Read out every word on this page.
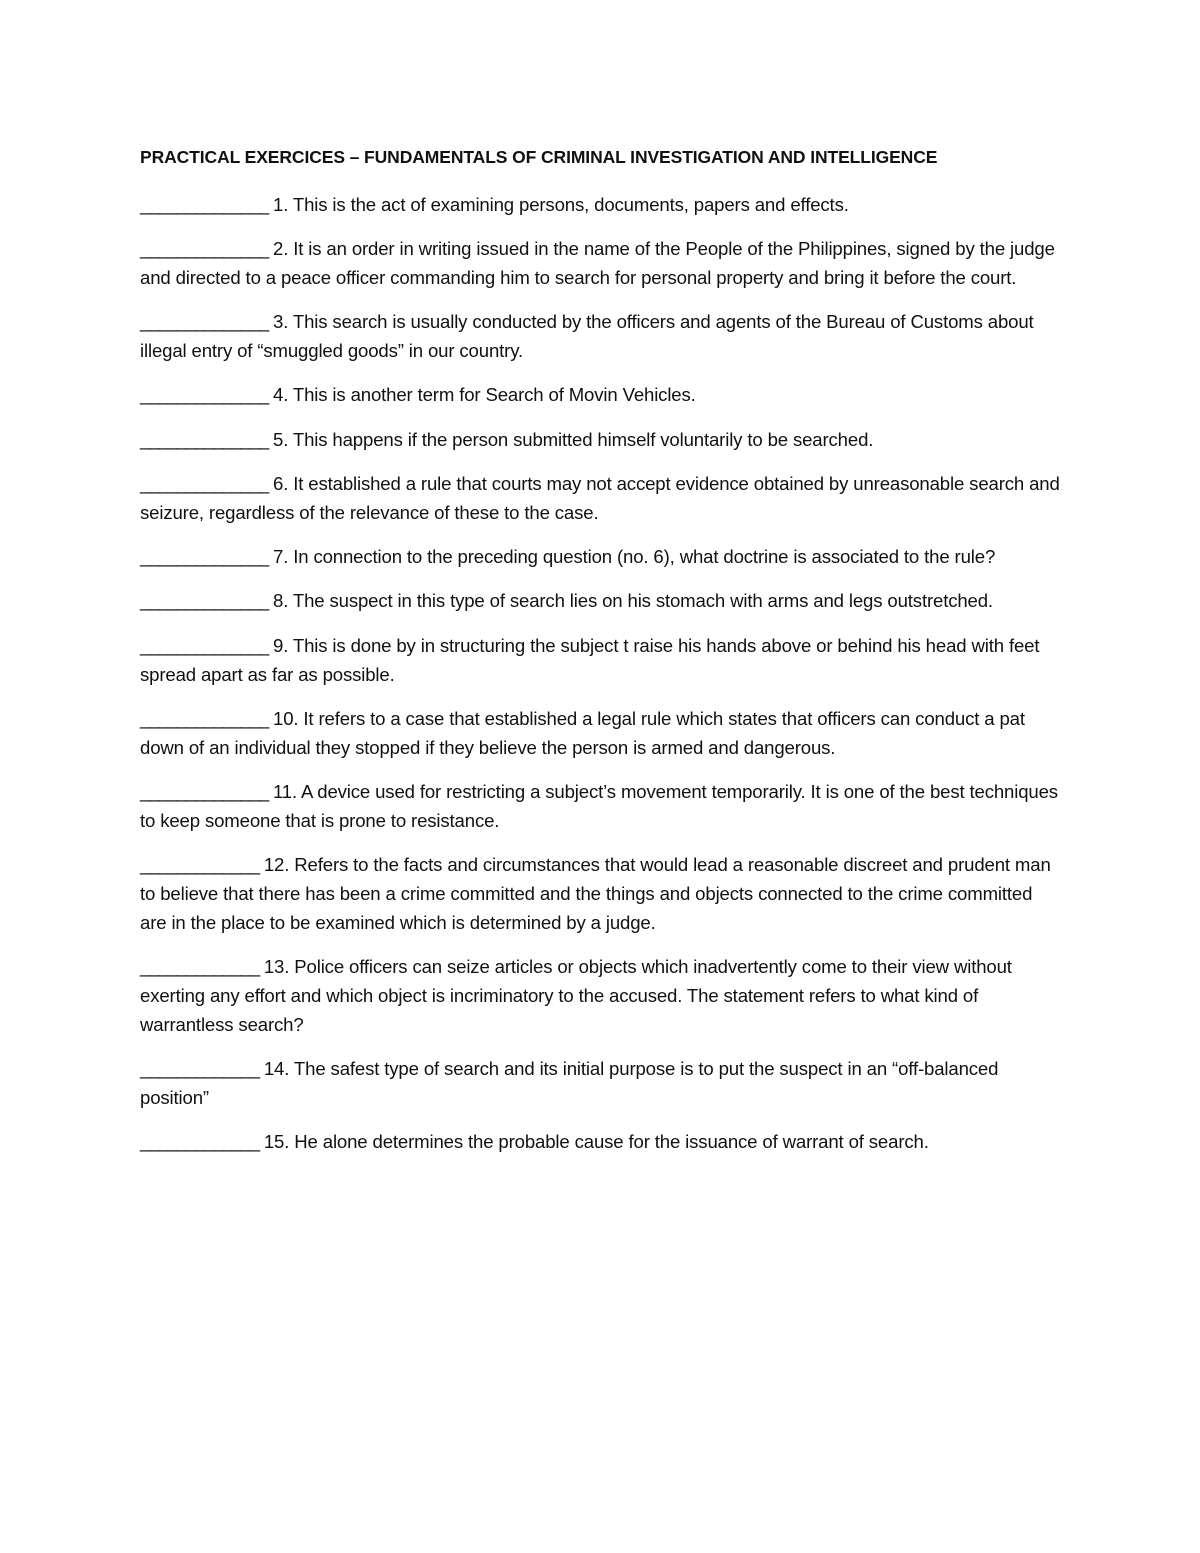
PRACTICAL EXERCICES – FUNDAMENTALS OF CRIMINAL INVESTIGATION AND INTELLIGENCE
______________ 1. This is the act of examining persons, documents, papers and effects.
______________ 2. It is an order in writing issued in the name of the People of the Philippines, signed by the judge and directed to a peace officer commanding him to search for personal property and bring it before the court.
______________ 3. This search is usually conducted by the officers and agents of the Bureau of Customs about illegal entry of “smuggled goods” in our country.
______________ 4. This is another term for Search of Movin Vehicles.
______________ 5. This happens if the person submitted himself voluntarily to be searched.
______________ 6. It established a rule that courts may not accept evidence obtained by unreasonable search and seizure, regardless of the relevance of these to the case.
______________ 7. In connection to the preceding question (no. 6), what doctrine is associated to the rule?
______________ 8. The suspect in this type of search lies on his stomach with arms and legs outstretched.
______________ 9. This is done by in structuring the subject t raise his hands above or behind his head with feet spread apart as far as possible.
______________ 10. It refers to a case that established a legal rule which states that officers can conduct a pat down of an individual they stopped if they believe the person is armed and dangerous.
______________ 11. A device used for restricting a subject’s movement temporarily. It is one of the best techniques to keep someone that is prone to resistance.
_____________ 12. Refers to the facts and circumstances that would lead a reasonable discreet and prudent man to believe that there has been a crime committed and the things and objects connected to the crime committed are in the place to be examined which is determined by a judge.
_____________ 13. Police officers can seize articles or objects which inadvertently come to their view without exerting any effort and which object is incriminatory to the accused. The statement refers to what kind of warrantless search?
_____________ 14. The safest type of search and its initial purpose is to put the suspect in an “off-balanced position”
_____________ 15. He alone determines the probable cause for the issuance of warrant of search.
